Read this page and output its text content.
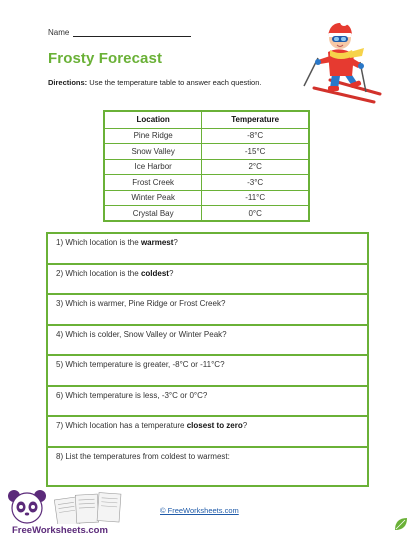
Name
Frosty Forecast
Directions: Use the temperature table to answer each question.
Location	Temperature
Pine Ridge	-8°C
Snow Valley	-15°C
Ice Harbor	2°C
Frost Creek	-3°C
Winter Peak	-11°C
Crystal Bay	0°C
1) Which location is the warmest?
2) Which location is the coldest?
3) Which is warmer, Pine Ridge or Frost Creek?
4) Which is colder, Snow Valley or Winter Peak?
5) Which temperature is greater, -8°C or -11°C?
6) Which temperature is less, -3°C or 0°C?
7) Which location has a temperature closest to zero?
8) List the temperatures from coldest to warmest:
FreeWorksheets.com
© FreeWorksheets.com
